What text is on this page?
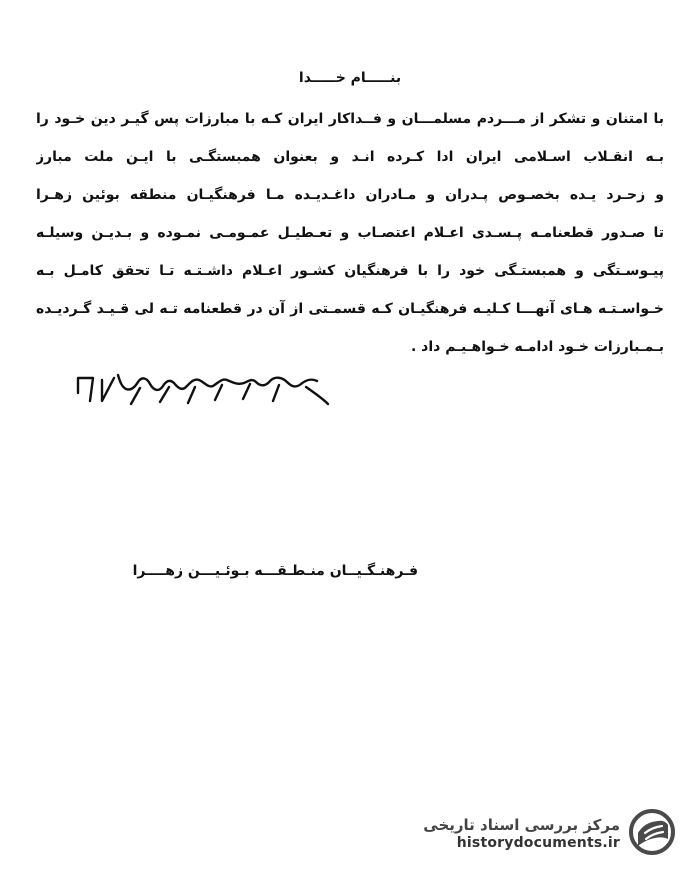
بنـــــام خـــــدا
با امتنان و تشکر از مـــردم مسلمـــان و فــداکار ایران کـه با مبارزات پس گیـر دین خـود را
بـه انقـلاب اسـلامی ایران ادا کـرده انـد و بعنوان همبستگـی با ایـن ملت مبارز
و زحـرد یـده بخصـوص پـدران و مـادران داغـدیـده مـا فرهنگیـان منطقه بوئین زهـرا
تا صـدور قطعنامـه پـسـدی اعـلام اعتصـاب و تعـطیـل عمـومـی نمـوده و بـدیـن وسیلـه
پیـوسـتگی و همبستـگی خود را با فرهنگیان کشـور اعـلام داشـتـه تـا تحقق کامـل بـه
خـواسـتـه هـای آنهـــا کـلیـه فرهنگیـان کـه قسمـتی از آن در قطعنامه تـه لی قـیـد گـردیـده
بـمـبارزات خـود ادامـه خـواهـیـم داد .
فـرهنـگـیــان منـطـقـــه بـوئـیـــن زهــــرا
مرکز بررسی اسناد تاریخی
historydocuments.ir
